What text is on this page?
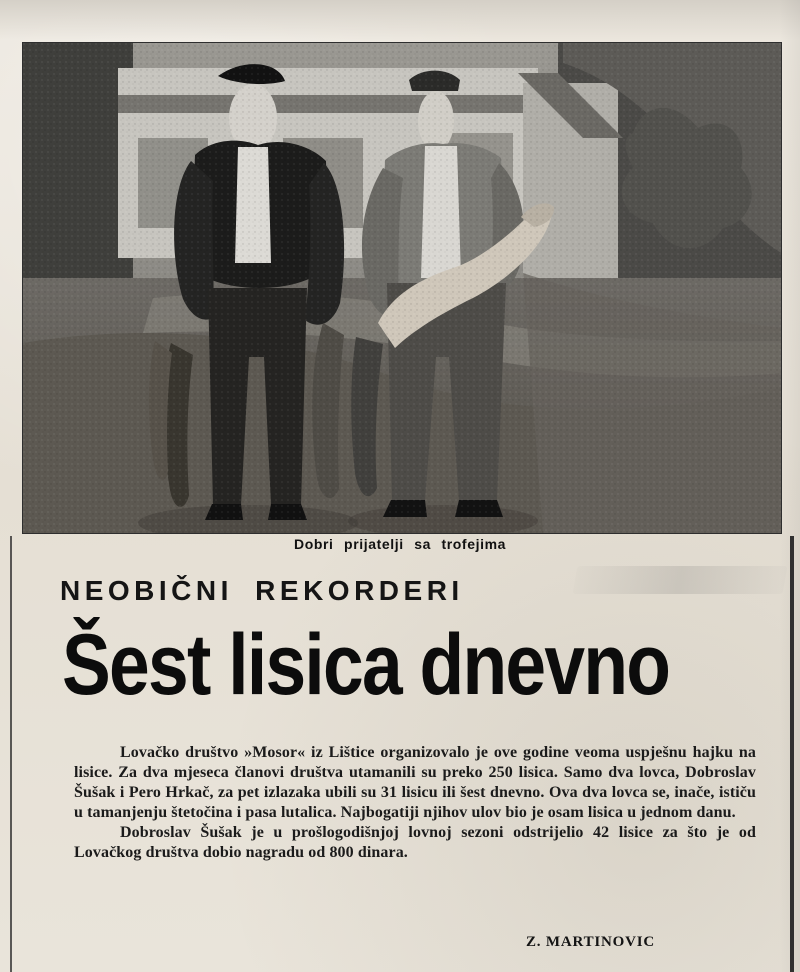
Dobri prijatelji sa trofejima
NEOBIČNI REKORDERI
Šest lisica dnevno

Lovačko društvo »Mosor« iz Lištice organizovalo je ove godine veoma uspješnu hajku na lisice. Za dva mjeseca članovi društva utamanili su preko 250 lisica. Samo dva lovca, Dobroslav Šušak i Pero Hrkač, za pet izlazaka ubili su 31 lisicu ili šest dnevno. Ova dva lovca se, inače, ističu u tamanjenju štetočina i pasa lutalica. Najbogatiji njihov ulov bio je osam lisica u jednom danu.

Dobroslav Šušak je u prošlogodišnjoj lovnoj sezoni odstrijelio 42 lisice za što je od Lovačkog društva dobio nagradu od 800 dinara.

Z. MARTINOVIC
